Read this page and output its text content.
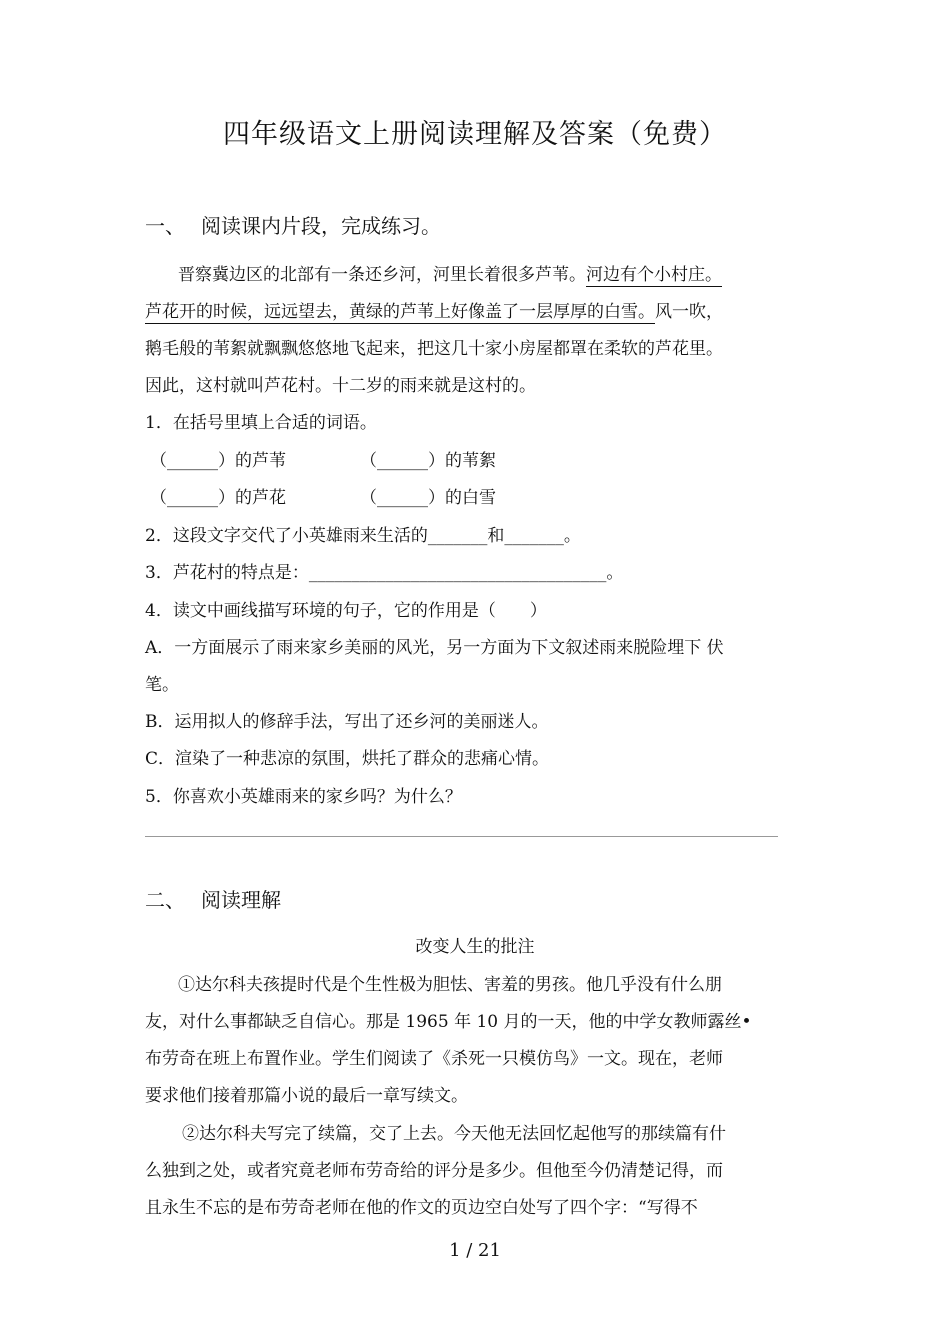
四年级语文上册阅读理解及答案（免费）
一、 阅读课内片段，完成练习。
晋察冀边区的北部有一条还乡河，河里长着很多芦苇。河边有个小村庄。
芦花开的时候，远远望去，黄绿的芦苇上好像盖了一层厚厚的白雪。风一吹，
鹅毛般的苇絮就飘飘悠悠地飞起来，把这几十家小房屋都罩在柔软的芦花里。
因此，这村就叫芦花村。十二岁的雨来就是这村的。
1．在括号里填上合适的词语。
（______）的芦苇	（______）的苇絮
（______）的芦花	（______）的白雪
2．这段文字交代了小英雄雨来生活的_______和_______。
3．芦花村的特点是：___________________________________。
4．读文中画线描写环境的句子，它的作用是（　　）
A．一方面展示了雨来家乡美丽的风光，另一方面为下文叙述雨来脱险埋下 伏
笔。
B．运用拟人的修辞手法，写出了还乡河的美丽迷人。
C．渲染了一种悲凉的氛围，烘托了群众的悲痛心情。
5．你喜欢小英雄雨来的家乡吗？为什么？
二、 阅读理解
改变人生的批注
①达尔科夫孩提时代是个生性极为胆怯、害羞的男孩。他几乎没有什么朋
友，对什么事都缺乏自信心。那是 1965 年 10 月的一天，他的中学女教师露丝•
布劳奇在班上布置作业。学生们阅读了《杀死一只模仿鸟》一文。现在，老师
要求他们接着那篇小说的最后一章写续文。
②达尔科夫写完了续篇，交了上去。今天他无法回忆起他写的那续篇有什
么独到之处，或者究竟老师布劳奇给的评分是多少。但他至今仍清楚记得，而
且永生不忘的是布劳奇老师在他的作文的页边空白处写了四个字：“写得不
1 / 21
